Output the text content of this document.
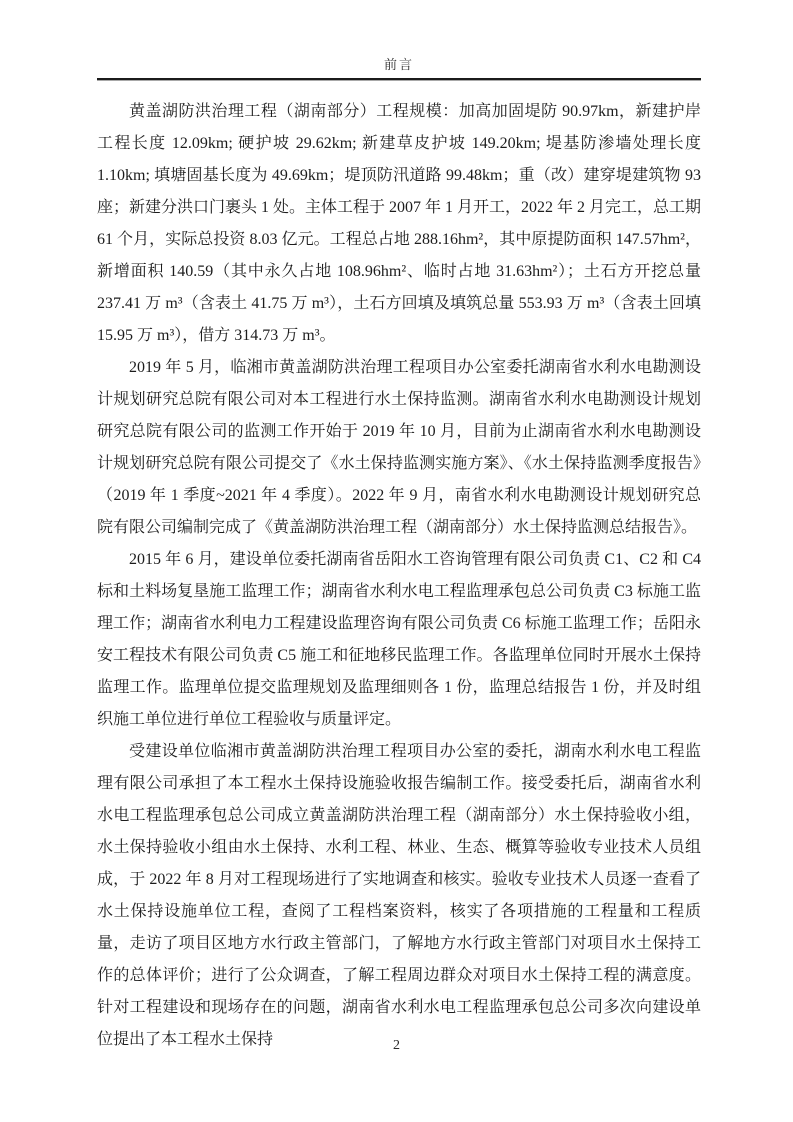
前言

黄盖湖防洪治理工程（湖南部分）工程规模：加高加固堤防 90.97km，新建护岸工程长度 12.09km; 硬护坡 29.62km; 新建草皮护坡 149.20km; 堤基防渗墙处理长度 1.10km; 填塘固基长度为 49.69km；堤顶防汛道路 99.48km；重（改）建穿堤建筑物 93 座；新建分洪口门裹头 1 处。主体工程于 2007 年 1 月开工，2022 年 2 月完工，总工期 61 个月，实际总投资 8.03 亿元。工程总占地 288.16hm²，其中原提防面积 147.57hm²，新增面积 140.59（其中永久占地 108.96hm²、临时占地 31.63hm²）；土石方开挖总量 237.41 万 m³（含表土 41.75 万 m³），土石方回填及填筑总量 553.93 万 m³（含表土回填 15.95 万 m³），借方 314.73 万 m³。

2019 年 5 月，临湘市黄盖湖防洪治理工程项目办公室委托湖南省水利水电勘测设计规划研究总院有限公司对本工程进行水土保持监测。湖南省水利水电勘测设计规划研究总院有限公司的监测工作开始于 2019 年 10 月，目前为止湖南省水利水电勘测设计规划研究总院有限公司提交了《水土保持监测实施方案》、《水土保持监测季度报告》（2019 年 1 季度~2021 年 4 季度）。2022 年 9 月，南省水利水电勘测设计规划研究总院有限公司编制完成了《黄盖湖防洪治理工程（湖南部分）水土保持监测总结报告》。

2015 年 6 月，建设单位委托湖南省岳阳水工咨询管理有限公司负责 C1、C2 和 C4 标和土料场复垦施工监理工作；湖南省水利水电工程监理承包总公司负责 C3 标施工监理工作；湖南省水利电力工程建设监理咨询有限公司负责 C6 标施工监理工作；岳阳永安工程技术有限公司负责 C5 施工和征地移民监理工作。各监理单位同时开展水土保持监理工作。监理单位提交监理规划及监理细则各 1 份，监理总结报告 1 份，并及时组织施工单位进行单位工程验收与质量评定。

受建设单位临湘市黄盖湖防洪治理工程项目办公室的委托，湖南水利水电工程监理有限公司承担了本工程水土保持设施验收报告编制工作。接受委托后，湖南省水利水电工程监理承包总公司成立黄盖湖防洪治理工程（湖南部分）水土保持验收小组，水土保持验收小组由水土保持、水利工程、林业、生态、概算等验收专业技术人员组成，于 2022 年 8 月对工程现场进行了实地调查和核实。验收专业技术人员逐一查看了水土保持设施单位工程，查阅了工程档案资料，核实了各项措施的工程量和工程质量，走访了项目区地方水行政主管部门，了解地方水行政主管部门对项目水土保持工作的总体评价；进行了公众调查，了解工程周边群众对项目水土保持工程的满意度。针对工程建设和现场存在的问题，湖南省水利水电工程监理承包总公司多次向建设单位提出了本工程水土保持	2
